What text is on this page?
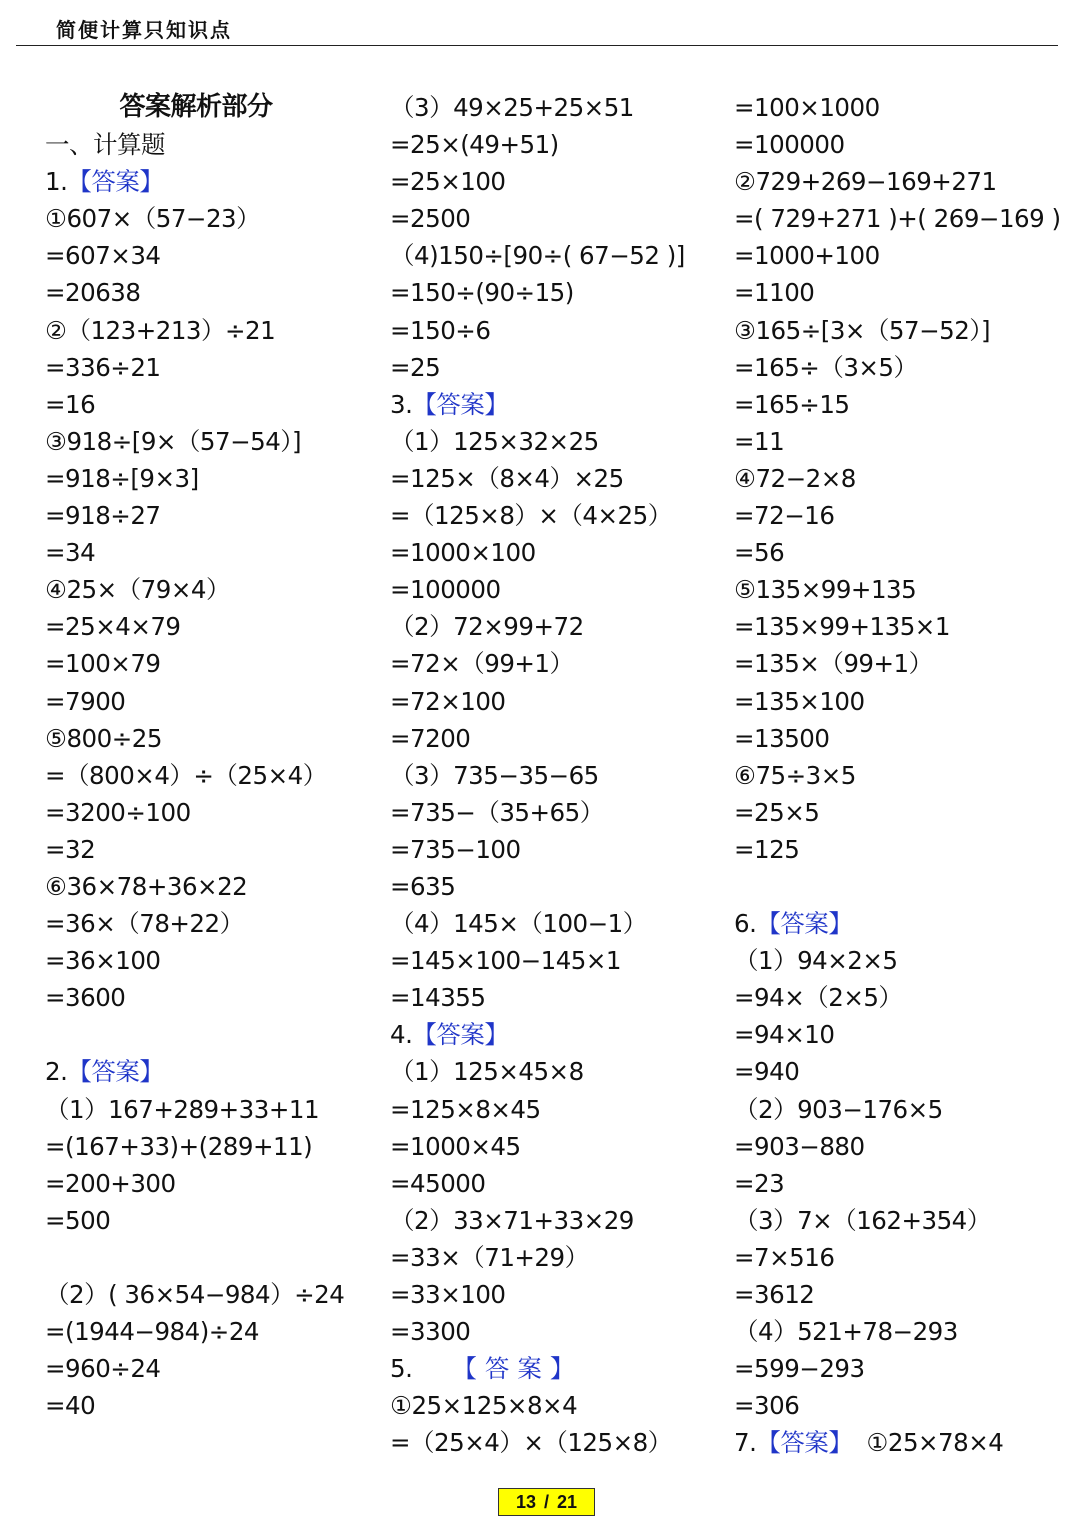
简便计算只知识点
答案解析部分
一、计算题
1.【答案】
①607×（57−23）
=607×34
=20638
②（123+213）÷21
=336÷21
=16
③918÷[9×（57−54）]
=918÷[9×3]
=918÷27
=34
④25×（79×4）
=25×4×79
=100×79
=7900
⑤800÷25
=（800×4）÷（25×4）
=3200÷100
=32
⑥36×78+36×22
=36×（78+22）
=36×100
=3600
2.【答案】
（1）167+289+33+11
=(167+33)+(289+11)
=200+300
=500
（2）( 36×54−984）÷24
=(1944−984)÷24
=960÷24
=40
（3）49×25+25×51
=25×(49+51)
=25×100
=2500
（4)150÷[90÷( 67−52 )]
=150÷(90÷15)
=150÷6
=25
3.【答案】
（1）125×32×25
=125×（8×4）×25
=（125×8）×（4×25）
=1000×100
=100000
（2）72×99+72
=72×（99+1）
=72×100
=7200
（3）735−35−65
=735−（35+65）
=735−100
=635
（4）145×（100−1）
=145×100−145×1
=14355
4.【答案】
（1）125×45×8
=125×8×45
=1000×45
=45000
（2）33×71+33×29
=33×（71+29）
=33×100
=3300
5. 【答案】
①25×125×8×4
=（25×4）×（125×8）
=100×1000
=100000
②729+269−169+271
=( 729+271 )+( 269−169 )
=1000+100
=1100
③165÷[3×（57−52）]
=165÷（3×5）
=165÷15
=11
④72−2×8
=72−16
=56
⑤135×99+135
=135×99+135×1
=135×（99+1）
=135×100
=13500
⑥75÷3×5
=25×5
=125
6.【答案】
（1）94×2×5
=94×（2×5）
=94×10
=940
（2）903−176×5
=903−880
=23
（3）7×（162+354）
=7×516
=3612
（4）521+78−293
=599−293
=306
7.【答案】 ①25×78×4
13 / 21
